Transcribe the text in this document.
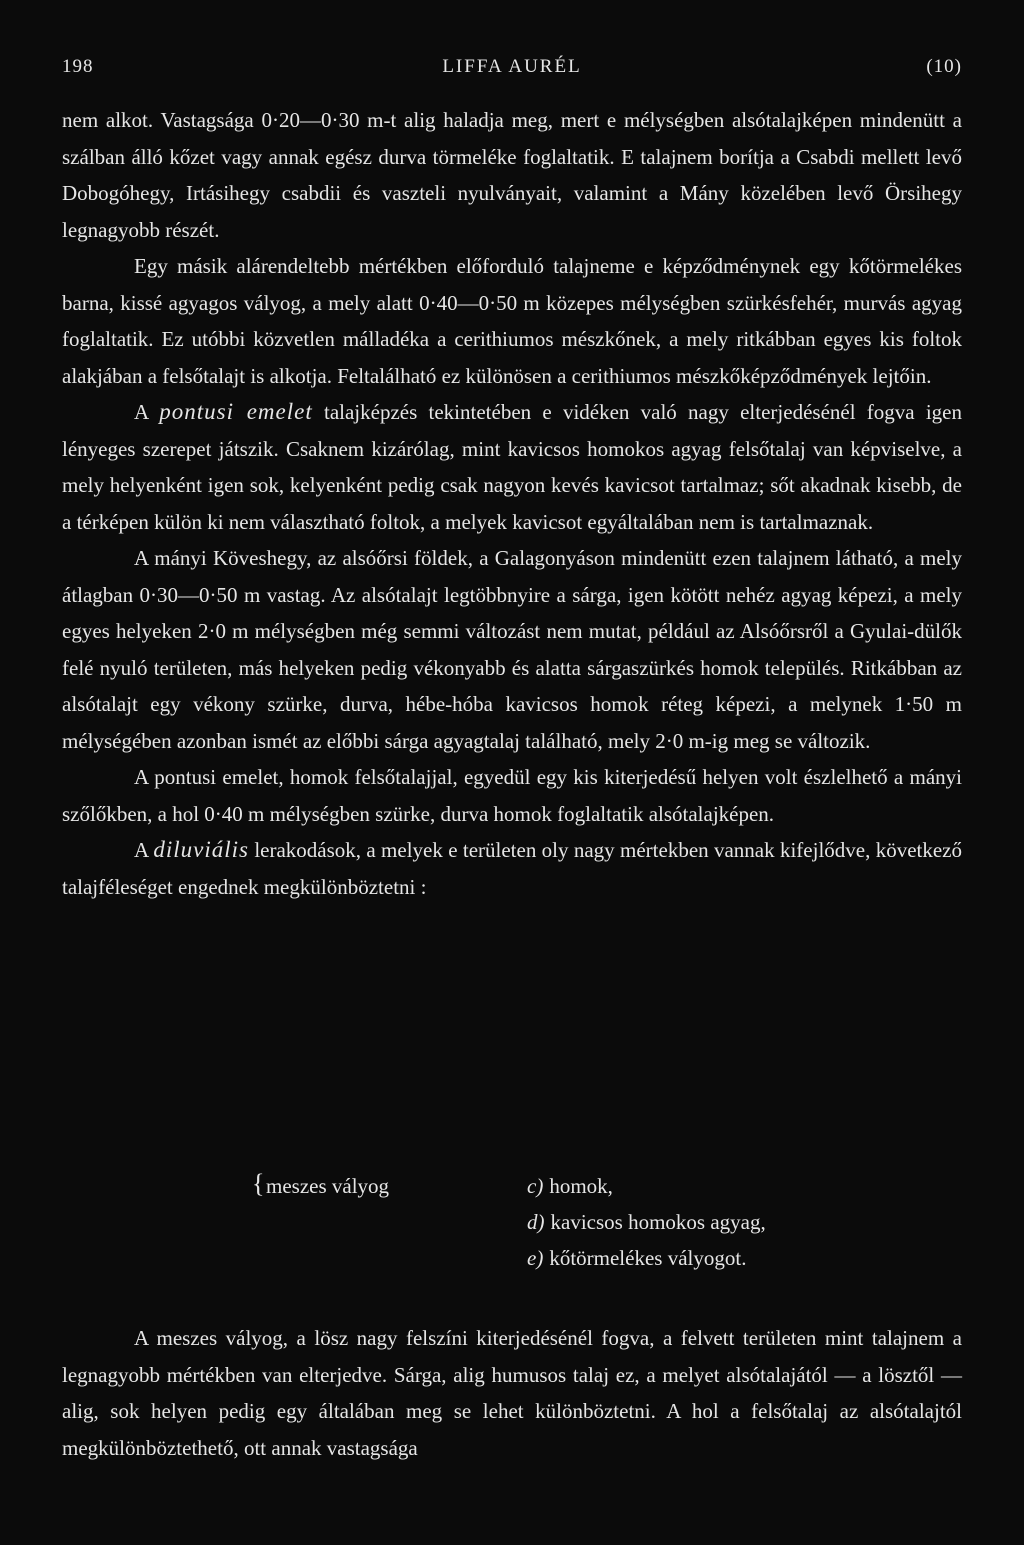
198	LIFFA AURÉL	(10)

nem alkot. Vastagsága 0·20—0·30 m-t alig haladja meg, mert e mélységben alsótalajképen mindenütt a szálban álló kőzet vagy annak egész durva törmeléke foglaltatik. E talajnem borítja a Csabdi mellett levő Dobogóhegy, Irtásihegy csabdii és vaszteli nyulványait, valamint a Mány közelében levő Örsihegy legnagyobb részét.

Egy másik alárendeltebb mértékben előforduló talajneme e képződménynek egy kőtörmelékes barna, kissé agyagos vályog, a mely alatt 0·40—0·50 m közepes mélységben szürkésfehér, murvás agyag foglaltatik. Ez utóbbi közvetlen málladéka a cerithiumos mészkőnek, a mely ritkábban egyes kis foltok alakjában a felsőtalajt is alkotja. Feltalálható ez különösen a cerithiumos mészkőképződmények lejtőin.

A pontusi emelet talajképzés tekintetében e vidéken való nagy elterjedésénél fogva igen lényeges szerepet játszik. Csaknem kizárólag, mint kavicsos homokos agyag felsőtalaj van képviselve, a mely helyenként igen sok, kelyenként pedig csak nagyon kevés kavicsot tartalmaz; sőt akadnak kisebb, de a térképen külön ki nem választható foltok, a melyek kavicsot egyáltalában nem is tartalmaznak.

A mányi Köveshegy, az alsóőrsi földek, a Galagonyáson mindenütt ezen talajnem látható, a mely átlagban 0·30—0·50 m vastag. Az alsótalajt legtöbbnyire a sárga, igen kötött nehéz agyag képezi, a mely egyes helyeken 2·0 m mélységben még semmi változást nem mutat, például az Alsóőrsről a Gyulai-dülők felé nyuló területen, más helyeken pedig vékonyabb és alatta sárgaszürkés homok település. Ritkábban az alsótalajt egy vékony szürke, durva, hébe-hóba kavicsos homok réteg képezi, a melynek 1·50 m mélységében azonban ismét az előbbi sárga agyagtalaj található, mely 2·0 m-ig meg se változik.

A pontusi emelet, homok felsőtalajjal, egyedül egy kis kiterjedésű helyen volt észlelhető a mányi szőlőkben, a hol 0·40 m mélységben szürke, durva homok foglaltatik alsótalajképen.

A diluviális lerakodások, a melyek e területen oly nagy mértekben vannak kifejlődve, következő talajféleséget engednek megkülönböztetni :

{ meszes vályog	c) homok,
d) kavicsos homokos agyag,
e) kőtörmelékes vályogot.

A meszes vályog, a lösz nagy felszíni kiterjedésénél fogva, a felvett területen mint talajnem a legnagyobb mértékben van elterjedve. Sárga, alig humusos talaj ez, a melyet alsótalajától — a lösztől — alig, sok helyen pedig egy általában meg se lehet különböztetni. A hol a felsőtalaj az alsótalajtól megkülönböztethető, ott annak vastagsága
